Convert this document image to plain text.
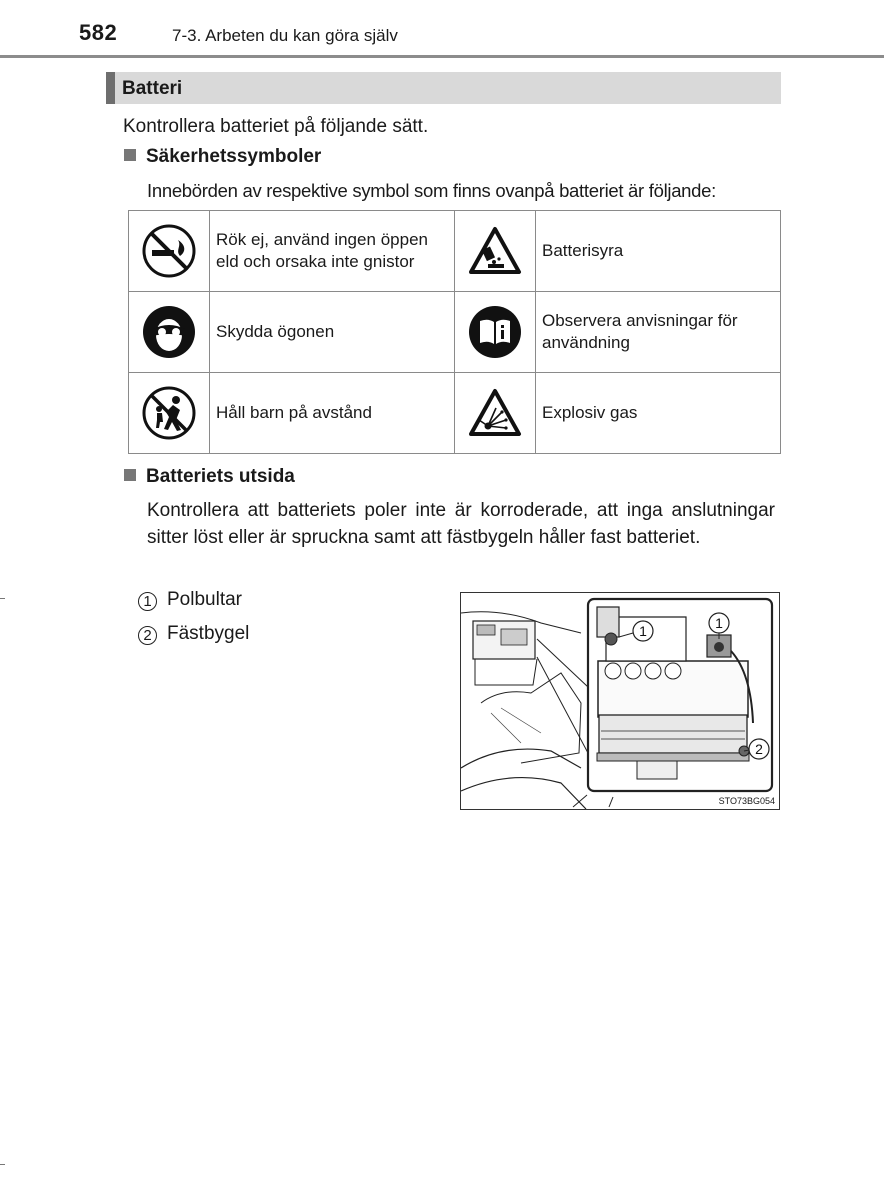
582	7-3. Arbeten du kan göra själv
Batteri
Kontrollera batteriet på följande sätt.
Säkerhetssymboler
Innebörden av respektive symbol som finns ovanpå batteriet är följande:
	Rök ej, använd ingen öppen eld och orsaka inte gnistor		Batterisyra

	Skydda ögonen		Observera anvisningar för användning

	Håll barn på avstånd		Explosiv gas
Batteriets utsida
Kontrollera att batteriets poler inte är korroderade, att inga anslutningar sitter löst eller är spruckna samt att fästbygeln håller fast batteriet.
1 Polbultar
2 Fästbygel	1	1
2
STO73BG054
